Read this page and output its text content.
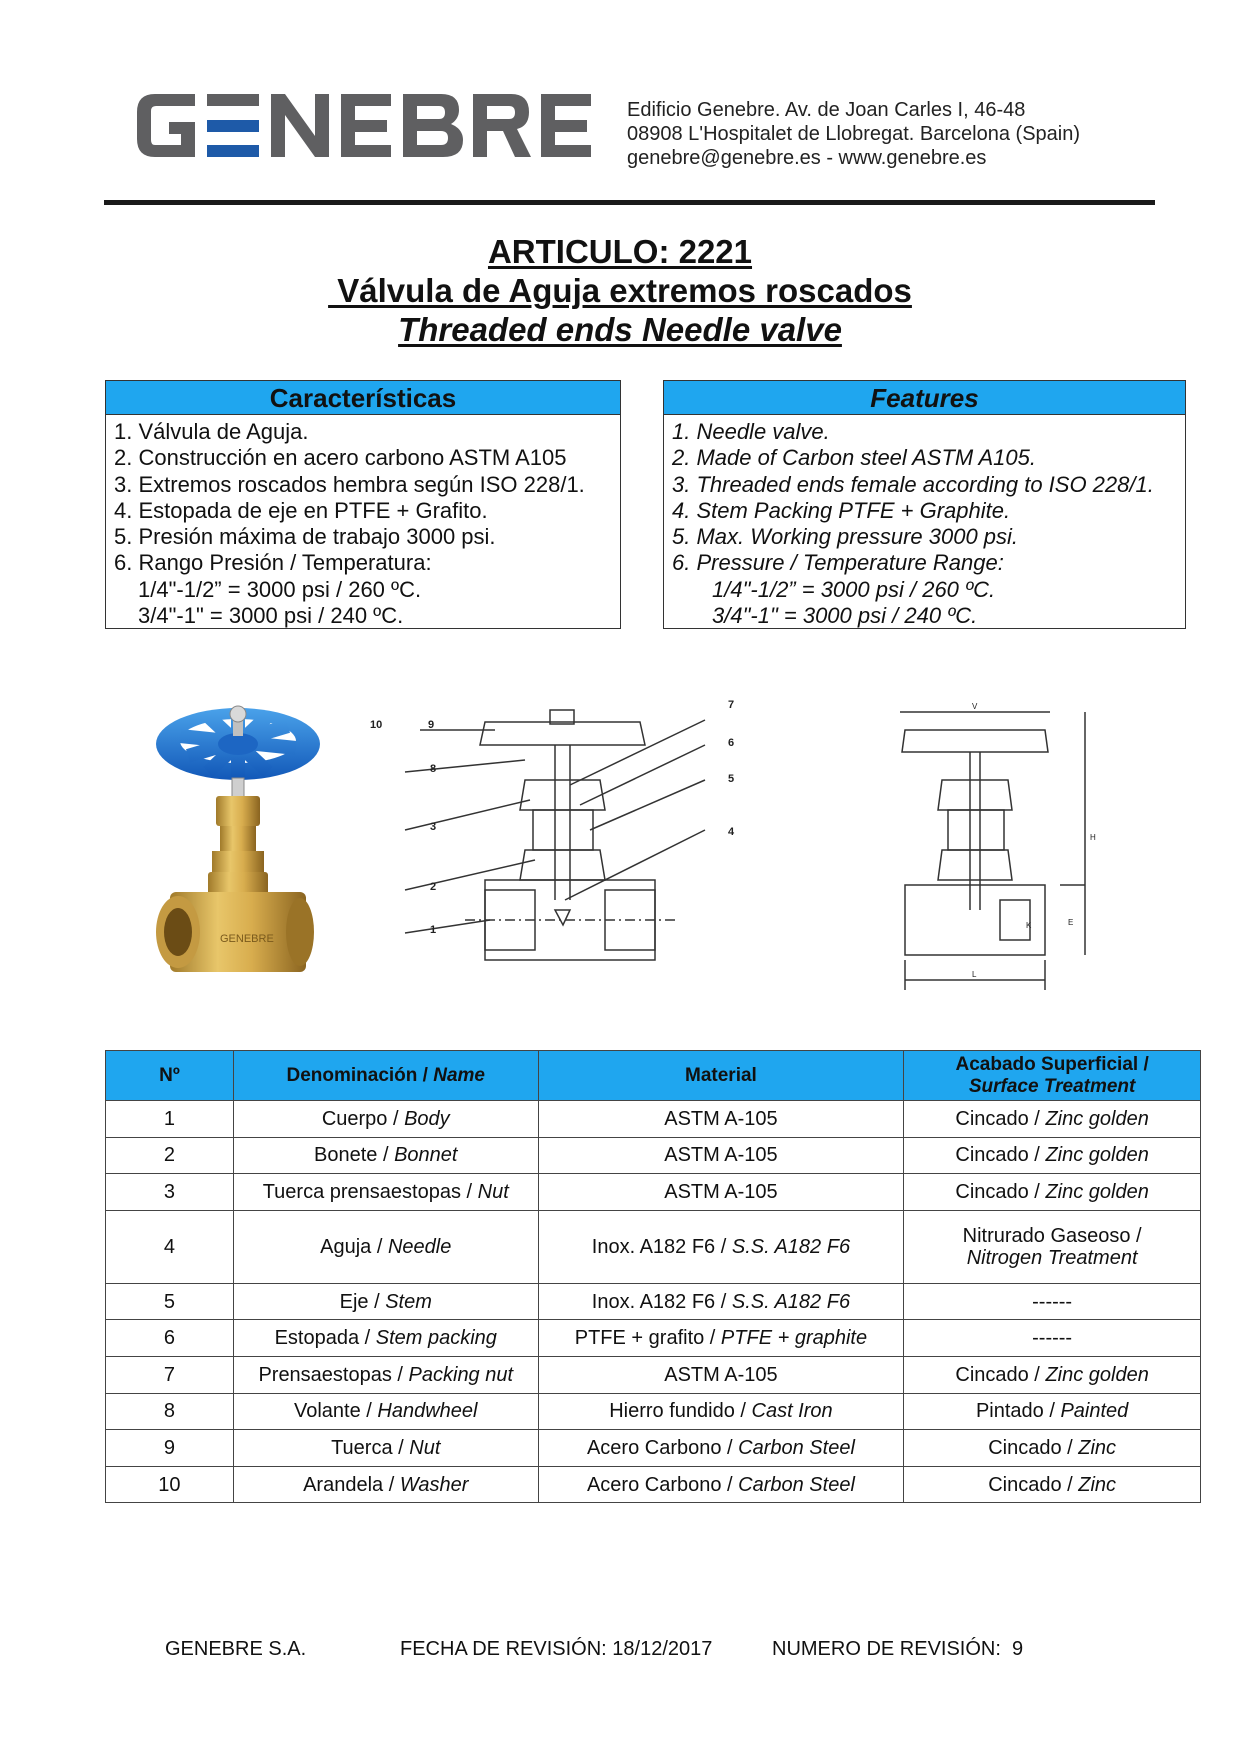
Edificio Genebre. Av. de Joan Carles I, 46-48
08908 L'Hospitalet de Llobregat. Barcelona (Spain)
genebre@genebre.es - www.genebre.es
ARTICULO: 2221
Válvula de Aguja extremos roscados
Threaded ends Needle valve
Características
1. Válvula de Aguja.
2. Construcción en acero carbono ASTM A105
3. Extremos roscados hembra según ISO 228/1.
4. Estopada de eje en PTFE + Grafito.
5. Presión máxima de trabajo 3000 psi.
6. Rango Presión / Temperatura:
1/4"-1/2” = 3000 psi / 260 ºC.
3/4"-1" = 3000 psi / 240 ºC.
Features
1. Needle valve.
2. Made of Carbon steel ASTM A105.
3. Threaded ends female according to ISO 228/1.
4. Stem Packing PTFE + Graphite.
5. Max. Working pressure 3000 psi.
6. Pressure / Temperature Range:
1/4"-1/2” = 3000 psi / 260 ºC.
3/4"-1" = 3000 psi / 240 ºC.
GENEBRE
10	9
8
3
2
1
7
6
5
4
V
H
E
L
K
Nº	Denominación / Name	Material	Acabado Superficial /
Surface Treatment
1	Cuerpo / Body	ASTM A-105	Cincado / Zinc golden
2	Bonete / Bonnet	ASTM A-105	Cincado / Zinc golden
3	Tuerca prensaestopas / Nut	ASTM A-105	Cincado / Zinc golden
4	Aguja / Needle	Inox. A182 F6 / S.S. A182 F6	Nitrurado Gaseoso /
Nitrogen Treatment
5	Eje / Stem	Inox. A182 F6 / S.S. A182 F6	------
6	Estopada / Stem packing	PTFE + grafito / PTFE + graphite	------
7	Prensaestopas / Packing nut	ASTM A-105	Cincado / Zinc golden
8	Volante / Handwheel	Hierro fundido / Cast Iron	Pintado / Painted
9	Tuerca / Nut	Acero Carbono / Carbon Steel	Cincado / Zinc
10	Arandela / Washer	Acero Carbono / Carbon Steel	Cincado / Zinc
GENEBRE S.A.	FECHA DE REVISIÓN: 18/12/2017	NUMERO DE REVISIÓN:  9
